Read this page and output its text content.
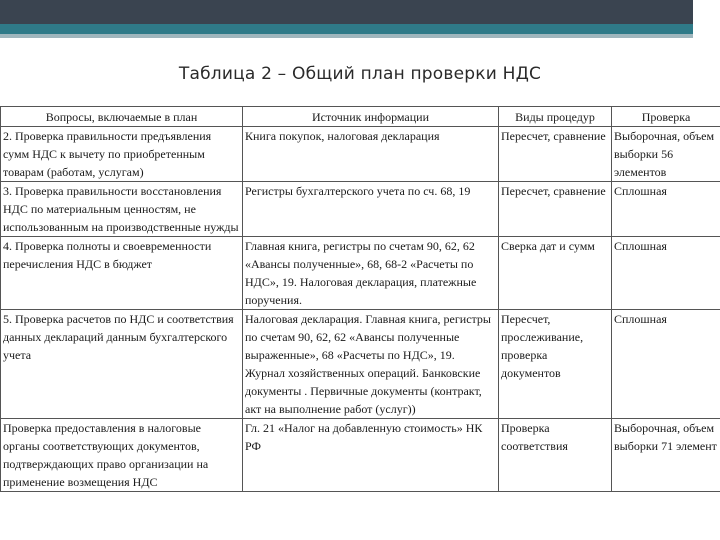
Таблица 2 – Общий план проверки НДС
Вопросы, включаемые в план	Источник информации	Виды процедур	Проверка
2. Проверка правильности предъявления сумм НДС к вычету по приобретенным товарам (работам, услугам)	Книга покупок, налоговая декларация	Пересчет, сравнение	Выборочная, объем выборки 56 элементов
3. Проверка правильности восстановления НДС по материальным ценностям, не использованным на производственные нужды	Регистры бухгалтерского учета по сч. 68, 19	Пересчет, сравнение	Сплошная
4. Проверка полноты и своевременности перечисления НДС в бюджет	Главная книга, регистры по счетам 90, 62, 62 «Авансы полученные», 68, 68-2 «Расчеты по НДС», 19. Налоговая декларация, платежные поручения.	Сверка дат и сумм	Сплошная
5. Проверка расчетов по НДС и соответствия данных деклараций данным бухгалтерского учета	Налоговая декларация. Главная книга, регистры по счетам 90, 62, 62 «Авансы полученные выраженные», 68 «Расчеты по НДС», 19. Журнал хозяйственных операций. Банковские документы . Первичные документы (контракт, акт на выполнение работ (услуг))	Пересчет, прослеживание, проверка документов	Сплошная
Проверка предоставления в налоговые органы соответствующих документов, подтверждающих право организации на применение возмещения НДС	Гл. 21 «Налог на добавленную стоимость» НК РФ	Проверка соответствия	Выборочная, объем выборки 71 элемент
